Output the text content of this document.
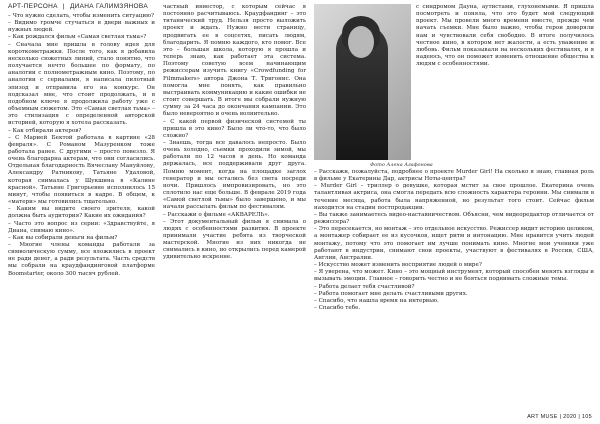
АРТ-ПЕРСОНА | ДИАНА ГАЛИМЗЯНОВА

– Что нужно сделать, чтобы изменить ситуацию?

– Видимо громче стучаться в двери важных и нужных людей.

– Как рождался фильм «Самая светлая тьма»?

– Сначала мне пришла в голову идея для короткометражки. После того, как я добавила несколько сюжетных линий, стало понятно, что получается нечто большее по формату, по аналогии с полнометражным кино. Поэтому, по аналогии с сериалами, я написала пилотный эпизод и отправила его на конкурс. Он подсказал мне, что стоит продолжать, и в подобном ключе я продолжила работу уже с объемным сюжетом. Это «Самая светлая тьма» – это стилизация с определенной авторской историей, которую я хотела рассказать.

– Как отбирали актеров?

– С Марией Бектой работала в картине «28 февраля». С Романом Мазуренком тоже работала ранее. С другими – просто повезло. Я очень благодарна актерам, что они согласились. Отдельная благодарность Вячеславу Мануйлову, Александру Ратникову, Татьяне Удаловой, которая снималась у Шукшина в «Калине красной». Татьяне Григорьевне исполнилось 15 минут, чтобы появиться в кадре. В общем, к «матери» мы готовились тщательно.

– Каким вы видите своего зрителя, какой должна быть аудитория? Какие их ожидания?

– Часто это вопрос из серии: «Здравствуйте, я Диана, снимаю кино».

– Как вы собирали деньги на фильм?

– Многие члены команды работали за символическую сумму, все вложились в проект не ради денег, а ради результата. Часть средств мы собрали на краудфандинговой платформе Boomstarter, около 300 тысяч рублей.

частный инвестор, с которым сейчас я постоянно расчитываюсь. Краудфандинг – это титанический труд. Нельзя просто выложить проект и ждать. Нужно вести страницу, продвигать ее в соцсетях, писать людям, благодарить. Я помню каждого, кто помог. Все это – большая школа, которую я прошла и теперь знаю, как работает эта система. Поэтому советую всем начинающим режиссерам изучить книгу «Crowdfunding for Filmmakers» автора Джона Т. Тригонис. Она помогла мне понять, как правильно выстраивать коммуникацию и какие ошибки не стоит совершать. В итоге мы собрали нужную сумму за 24 часа до окончания кампании. Это было невероятно и очень волнительно.

– С какой первой физической системой ты пришла в это кино? Было ли что-то, что было сложно?

– Знаешь, тогда все давалось непросто. Было очень холодно, съемки проходили зимой, мы работали по 12 часов в день. Но команда держалась, все поддерживали друг друга. Помню момент, когда на площадке заглох генератор и мы остались без света посреди ночи. Пришлось импровизировать, но это сплотило нас еще больше. В феврале 2019 года «Самой светлой тьмы» было завершено, и мы начали рассылать фильм по фестивалям.

– Расскажи о фильме «АКВАРЕЛЬ».

– Этот документальный фильм я снимала о людях с особенностями развития. В проекте принимали участие ребята из творческой мастерской. Многие из них никогда не снимались в кино, но открылись перед камерой удивительно искренне.

с синдромом Дауна, аутистами, глухонемыми. Я пришла посмотреть и поняла, что это будет мой следующий проект. Мы провели много времени вместе, прежде чем начать съемки. Мне было важно, чтобы герои доверяли нам и чувствовали себя свободно. В итоге получилось честное кино, в котором нет жалости, а есть уважение и любовь. Фильм показывали на нескольких фестивалях, и я надеюсь, что он поможет изменить отношение общества к людям с особенностями.

Фото Алена Агафонова

– Расскажи, пожалуйста, подробнее о проекте Murder Girl! На сколько я знаю, главная роль в фильме у Екатерины Дар, актрисы Ноты-центра?

– Murder Girl – триллер о девушке, которая мстит за свое прошлое. Екатерина очень талантливая актриса, она смогла передать всю сложность характера героини. Мы снимали в течение месяца, работа была напряженной, но результат того стоит. Сейчас фильм находится на стадии постпродакции.

– Вы также занимаетесь видео-наставничеством. Объясни, чем видеоредактор отличается от режиссера?

– Это пересекается, но монтаж – это отдельное искусство. Режиссер видит историю целиком, а монтажер собирает ее из кусочков, ищет ритм и интонацию. Мне нравится учить людей монтажу, потому что это помогает им лучше понимать кино. Многие мои ученики уже работают в индустрии, снимают свои проекты, участвуют в фестивалях в России, США, Англии, Австралии.

– Искусство может изменить восприятие людей о мире?

– Я уверена, что может. Кино – это мощный инструмент, который способен менять взгляды и вызывать эмоции. Главное – говорить честно и не бояться поднимать сложные темы.

– Работа делает тебя счастливой?

– Работа помогает мне делать счастливыми других.

– Спасибо, что нашла время на интервью.

– Спасибо тебе.

ART MUSE | 2020 | 105
